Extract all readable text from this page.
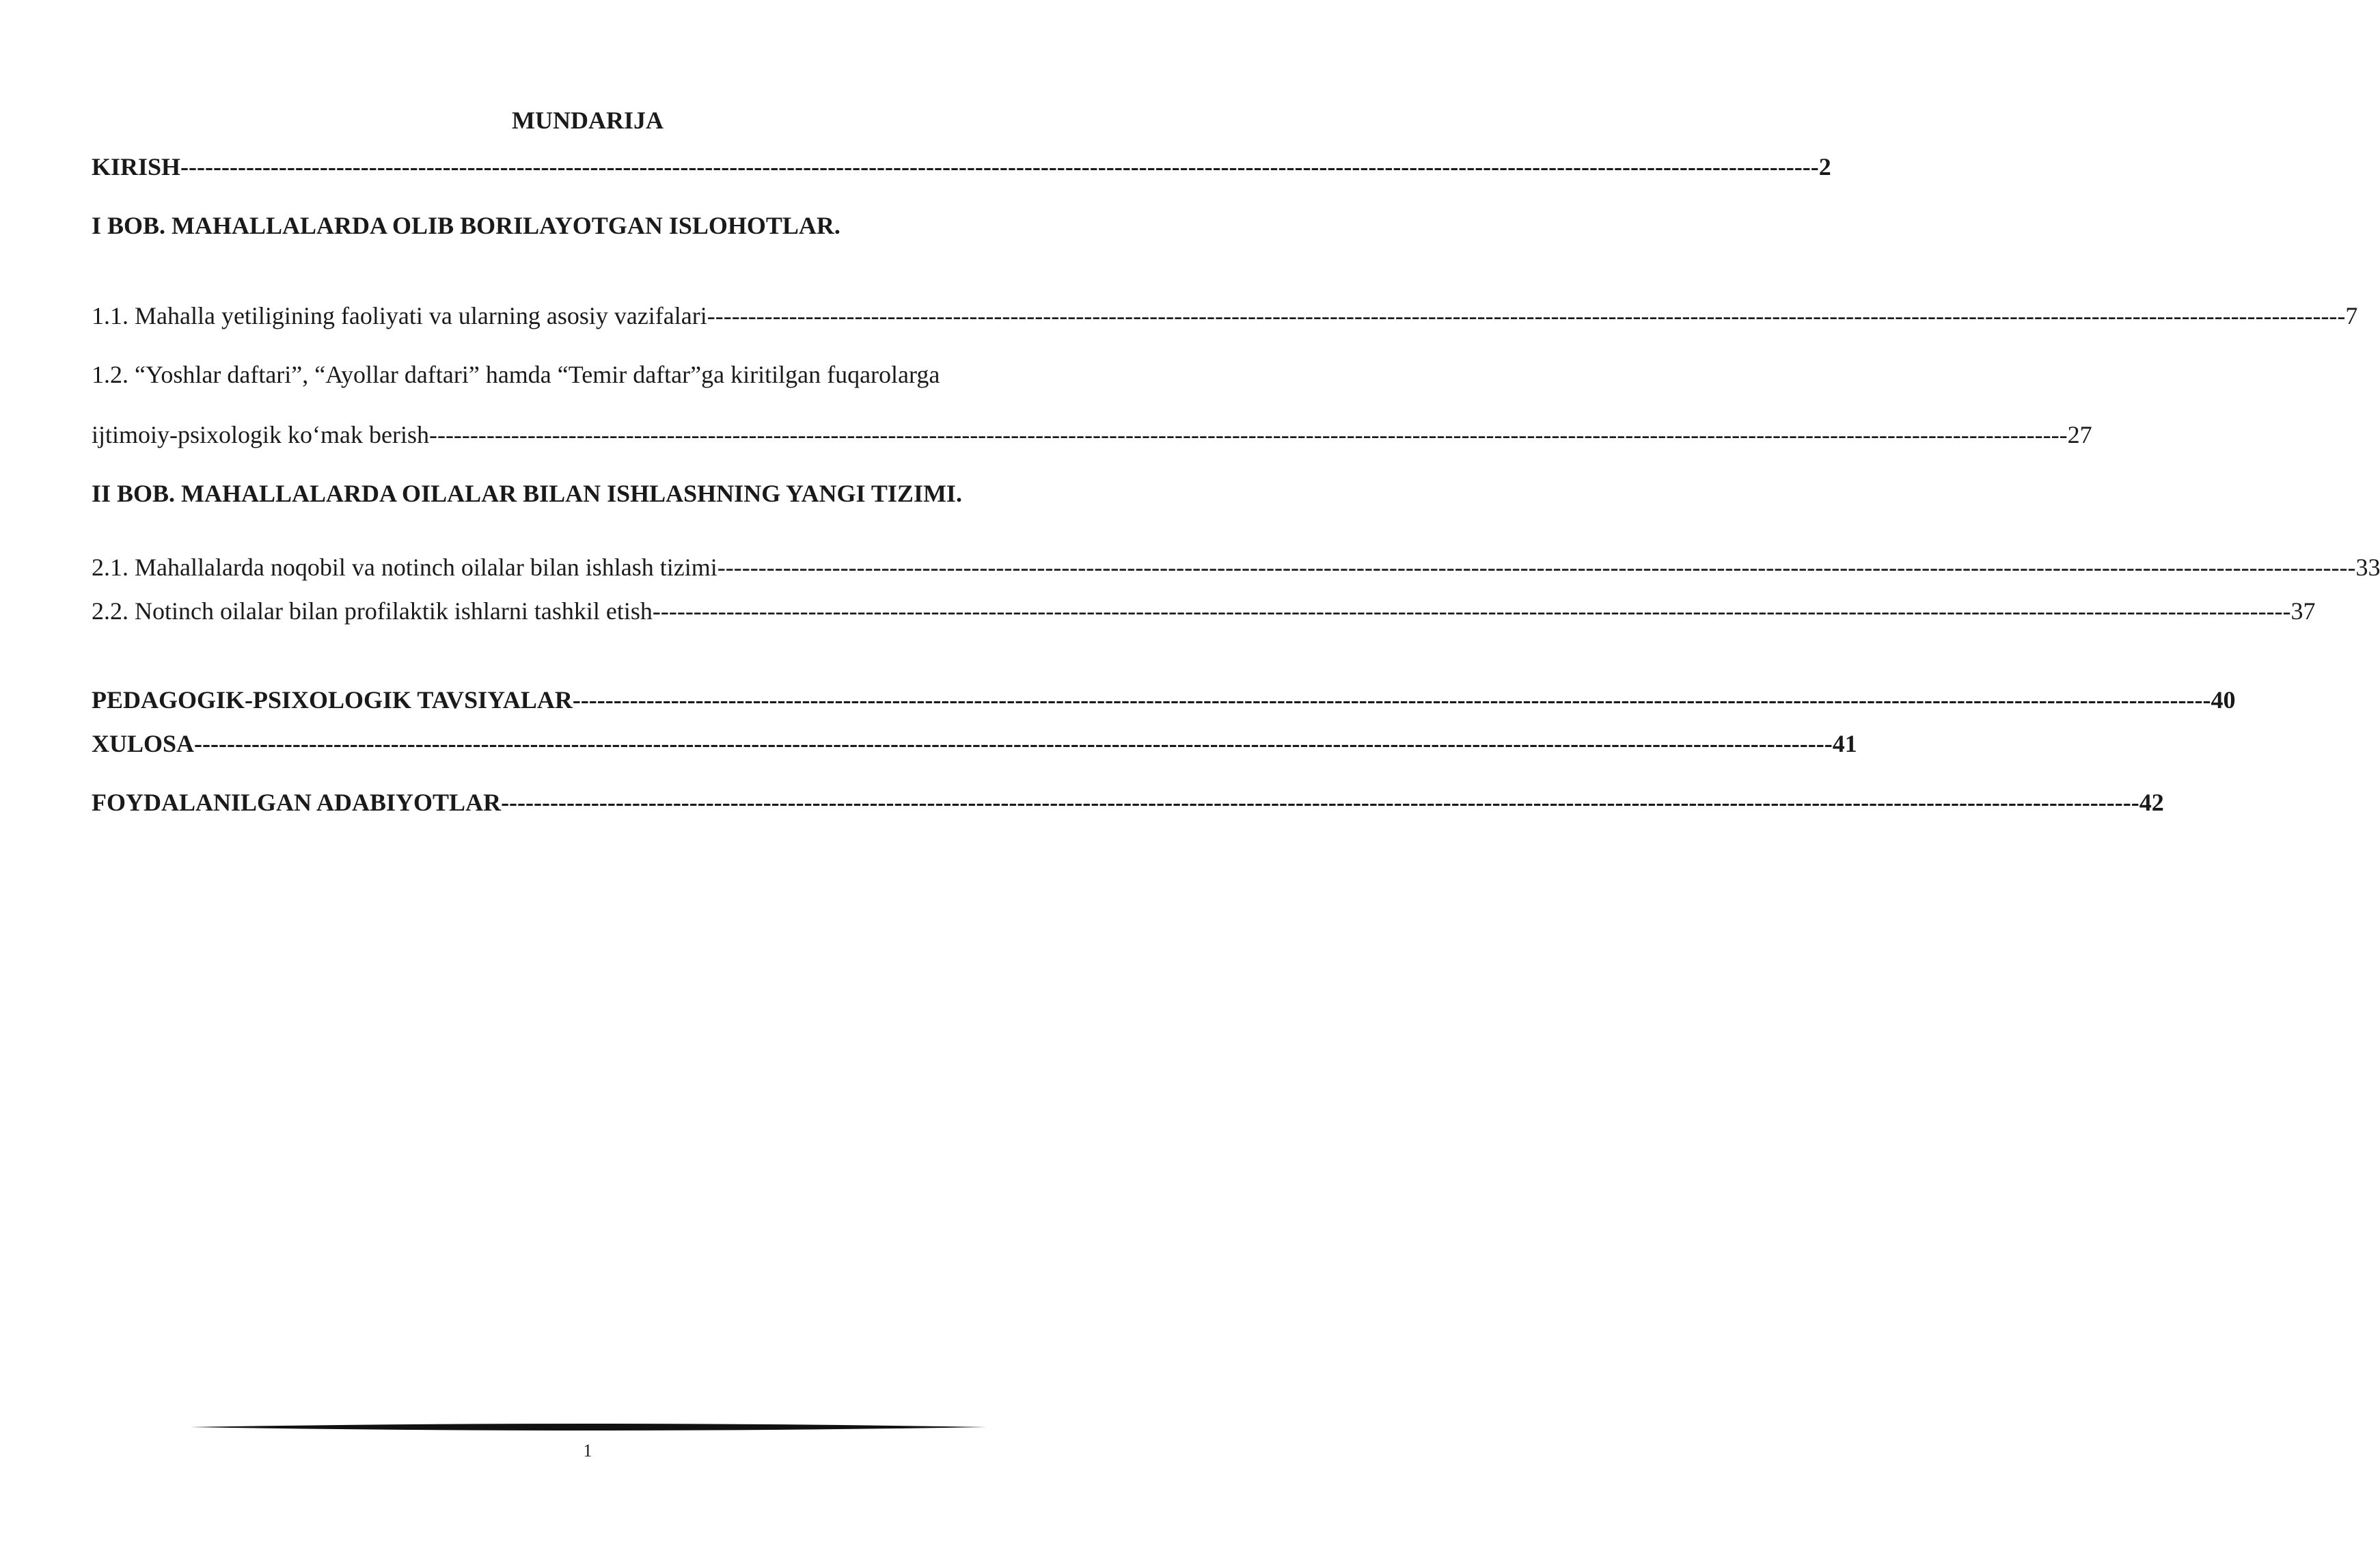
MUNDARIJA
KIRISH -------------------------------------------------------------------------------------------------------------------------------------------------------------------------------------------------------- 2
I BOB. MAHALLALARDA OLIB BORILAYOTGAN ISLOHOTLAR.
1.1. Mahalla yetiligining faoliyati va ularning asosiy vazifalari -------------------------------------------------------------------------------------------------------------------------------------------------------------------------------------------------------- 7
1.2. “Yoshlar daftari”, “Ayollar daftari” hamda “Temir daftar”ga kiritilgan fuqarolarga
ijtimoiy-psixologik ko‘mak berish -------------------------------------------------------------------------------------------------------------------------------------------------------------------------------------------------------- 27
II BOB. MAHALLALARDA OILALAR BILAN ISHLASHNING YANGI TIZIMI.
2.1. Mahallalarda noqobil va notinch oilalar bilan ishlash tizimi -------------------------------------------------------------------------------------------------------------------------------------------------------------------------------------------------------- 33
2.2. Notinch oilalar bilan profilaktik ishlarni tashkil etish -------------------------------------------------------------------------------------------------------------------------------------------------------------------------------------------------------- 37
PEDAGOGIK-PSIXOLOGIK TAVSIYALAR -------------------------------------------------------------------------------------------------------------------------------------------------------------------------------------------------------- 40
XULOSA -------------------------------------------------------------------------------------------------------------------------------------------------------------------------------------------------------- 41
FOYDALANILGAN ADABIYOTLAR -------------------------------------------------------------------------------------------------------------------------------------------------------------------------------------------------------- 42
1
